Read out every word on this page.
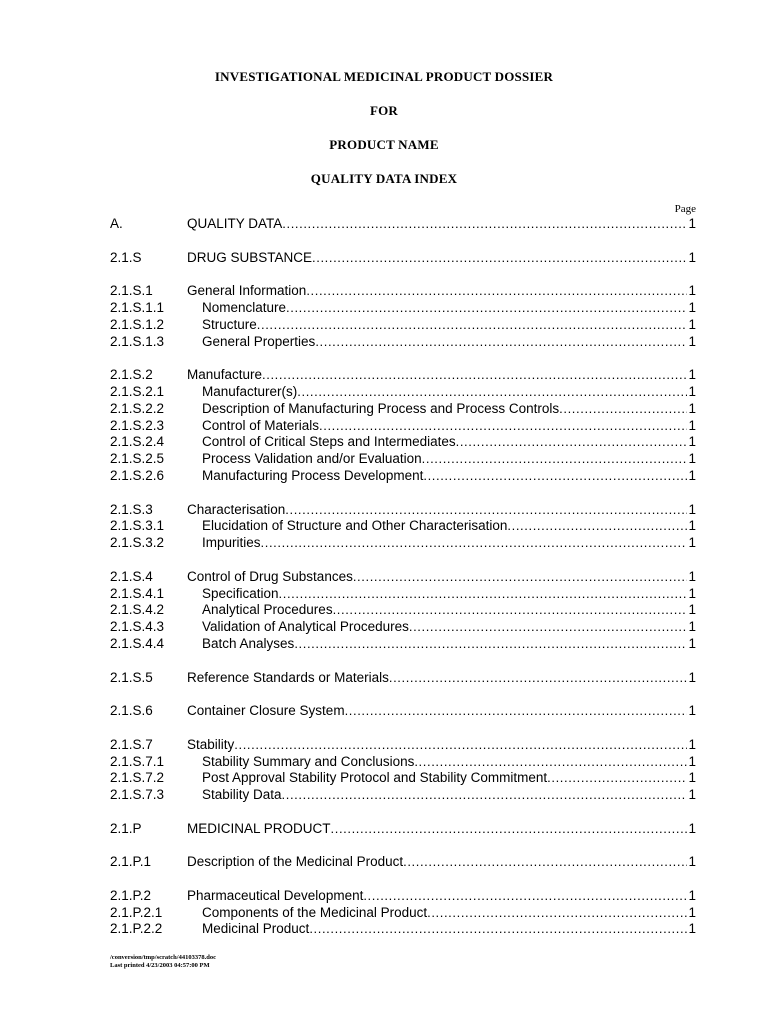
INVESTIGATIONAL MEDICINAL PRODUCT DOSSIER
FOR
PRODUCT NAME
QUALITY DATA INDEX
Page
A.	QUALITY DATA .....	1
2.1.S	DRUG SUBSTANCE .....	1
2.1.S.1	General Information .....	1
2.1.S.1.1	Nomenclature .....	1
2.1.S.1.2	Structure .....	1
2.1.S.1.3	General Properties .....	1
2.1.S.2	Manufacture .....	1
2.1.S.2.1	Manufacturer(s) .....	1
2.1.S.2.2	Description of Manufacturing Process and Process Controls .....	1
2.1.S.2.3	Control of Materials .....	1
2.1.S.2.4	Control of Critical Steps and Intermediates .....	1
2.1.S.2.5	Process Validation and/or Evaluation .....	1
2.1.S.2.6	Manufacturing Process Development .....	1
2.1.S.3	Characterisation .....	1
2.1.S.3.1	Elucidation of Structure and Other Characterisation .....	1
2.1.S.3.2	Impurities .....	1
2.1.S.4	Control of Drug Substances .....	1
2.1.S.4.1	Specification .....	1
2.1.S.4.2	Analytical Procedures .....	1
2.1.S.4.3	Validation of Analytical Procedures .....	1
2.1.S.4.4	Batch Analyses .....	1
2.1.S.5	Reference Standards or Materials .....	1
2.1.S.6	Container Closure System .....	1
2.1.S.7	Stability .....	1
2.1.S.7.1	Stability Summary and Conclusions .....	1
2.1.S.7.2	Post Approval Stability Protocol and Stability Commitment .....	1
2.1.S.7.3	Stability Data .....	1
2.1.P	MEDICINAL PRODUCT .....	1
2.1.P.1	Description of the Medicinal Product .....	1
2.1.P.2	Pharmaceutical Development .....	1
2.1.P.2.1	Components of the Medicinal Product .....	1
2.1.P.2.2	Medicinal Product .....	1
/conversion/tmp/scratch/44103378.doc
Last printed 4/23/2003 04:57:00 PM
